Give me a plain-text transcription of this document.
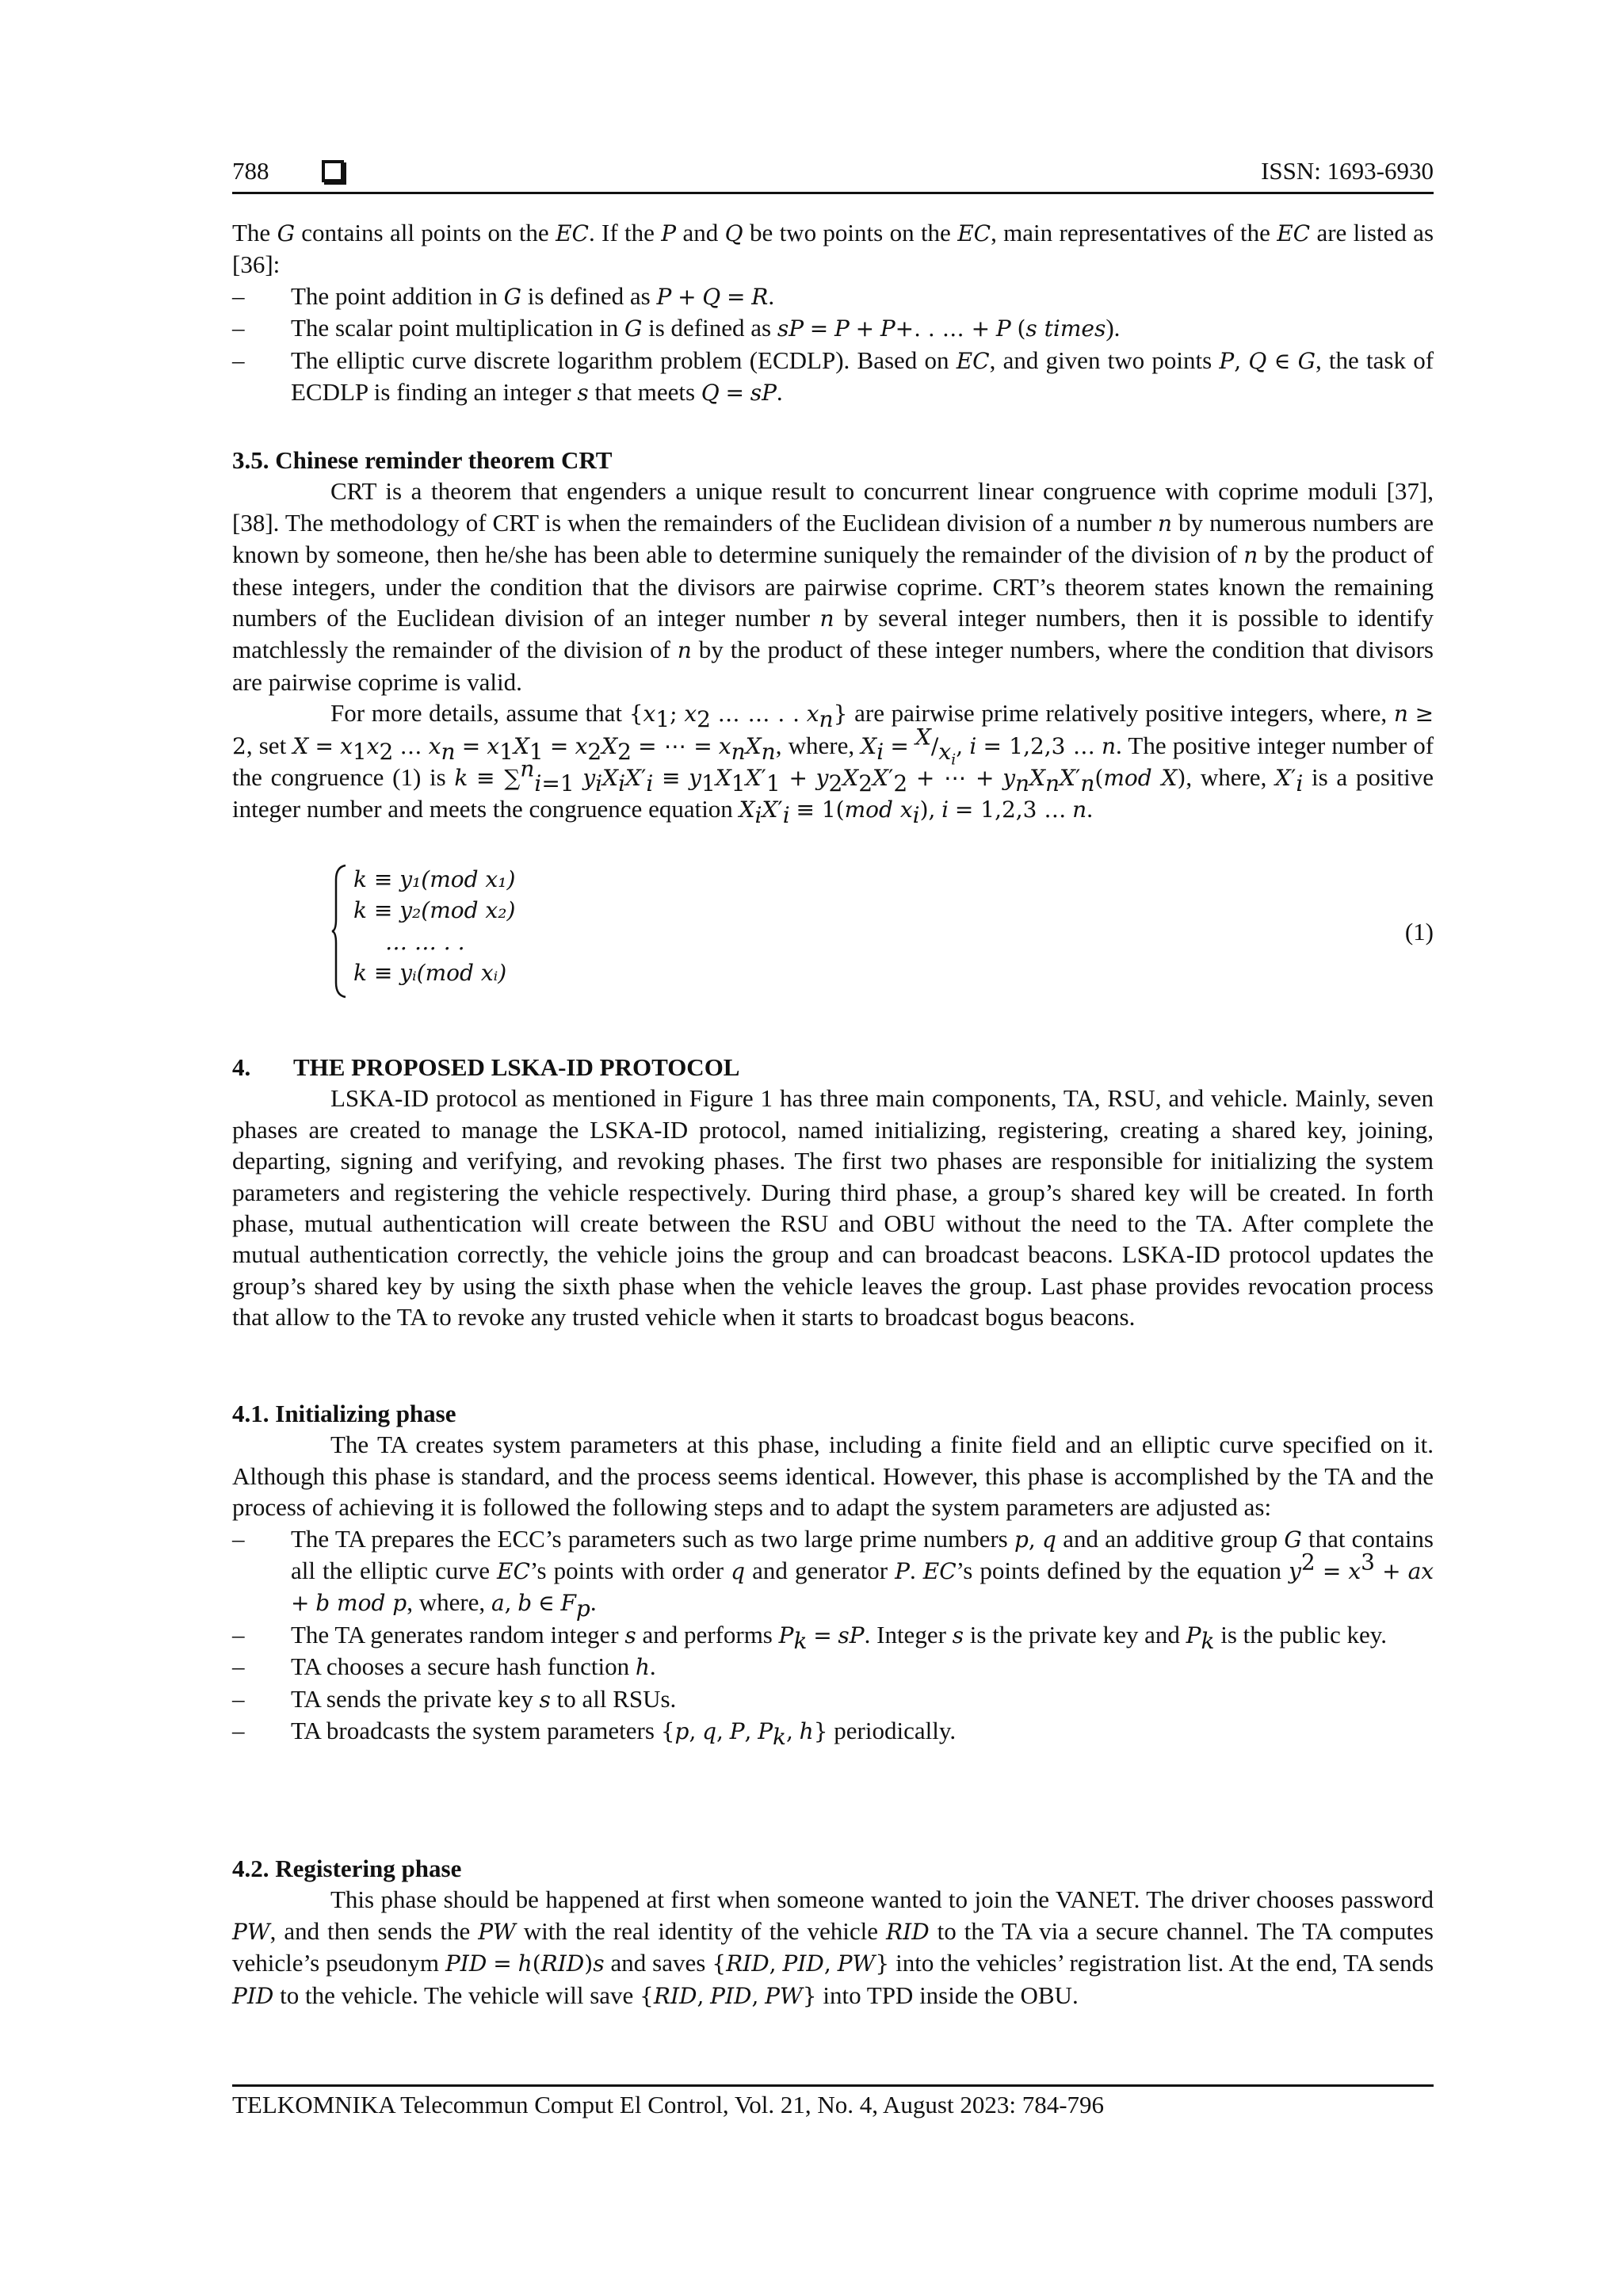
788	ISSN: 1693-6930

The G contains all points on the EC. If the P and Q be two points on the EC, main representatives of the EC are listed as [36]:

– The point addition in G is defined as P + Q = R.
– The scalar point multiplication in G is defined as sP = P + P+. . … + P (s times).
– The elliptic curve discrete logarithm problem (ECDLP). Based on EC, and given two points P, Q ∈ G, the task of ECDLP is finding an integer s that meets Q = sP.

3.5. Chinese reminder theorem CRT

CRT is a theorem that engenders a unique result to concurrent linear congruence with coprime moduli [37], [38]. The methodology of CRT is when the remainders of the Euclidean division of a number n by numerous numbers are known by someone, then he/she has been able to determine suniquely the remainder of the division of n by the product of these integers, under the condition that the divisors are pairwise coprime. CRT’s theorem states known the remaining numbers of the Euclidean division of an integer number n by several integer numbers, then it is possible to identify matchlessly the remainder of the division of n by the product of these integer numbers, where the condition that divisors are pairwise coprime is valid.

For more details, assume that {$x_1$; $x_2$ … … . . $x_n$} are pairwise prime relatively positive integers, where, n ≥ 2, set $X = x_1x_2$ … $x_n = x_1X_1 = x_2X_2$ = ⋯ = $x_nX_n$, where, $X_i = ^X/_{x_i}$, i = 1,2,3 … n. The positive integer number of the congruence (1) is k ≡ ∑$^n_{i=1}$ $y_iX_iX'_i \equiv y_1X_1X'_1 + y_2X_2X'_2$ + ⋯ + $y_nX_nX'_n(mod$ X), where, $X'_i$ is a positive integer number and meets the congruence equation $X_iX'_i \equiv 1(mod$ $x_i$), i = 1,2,3 … n.

k ≡ y₁(mod x₁)
k ≡ y₂(mod x₂)
… … . .
k ≡ yᵢ(mod xᵢ)
(1)

4.       THE PROPOSED LSKA-ID PROTOCOL

LSKA-ID protocol as mentioned in Figure 1 has three main components, TA, RSU, and vehicle. Mainly, seven phases are created to manage the LSKA-ID protocol, named initializing, registering, creating a shared key, joining, departing, signing and verifying, and revoking phases. The first two phases are responsible for initializing the system parameters and registering the vehicle respectively. During third phase, a group’s shared key will be created. In forth phase, mutual authentication will create between the RSU and OBU without the need to the TA. After complete the mutual authentication correctly, the vehicle joins the group and can broadcast beacons. LSKA-ID protocol updates the group’s shared key by using the sixth phase when the vehicle leaves the group. Last phase provides revocation process that allow to the TA to revoke any trusted vehicle when it starts to broadcast bogus beacons.

4.1. Initializing phase

The TA creates system parameters at this phase, including a finite field and an elliptic curve specified on it. Although this phase is standard, and the process seems identical. However, this phase is accomplished by the TA and the process of achieving it is followed the following steps and to adapt the system parameters are adjusted as:

– The TA prepares the ECC’s parameters such as two large prime numbers p, q and an additive group G that contains all the elliptic curve EC’s points with order q and generator P. EC’s points defined by the equation $y^2 = x^3$ + ax + b mod p, where, a, b ∈ $F_p$.
– The TA generates random integer s and performs $P_k$ = sP. Integer s is the private key and $P_k$ is the public key.
– TA chooses a secure hash function h.
– TA sends the private key s to all RSUs.
– TA broadcasts the system parameters {p, q, P, $P_k$, h} periodically.

4.2. Registering phase

This phase should be happened at first when someone wanted to join the VANET. The driver chooses password PW, and then sends the PW with the real identity of the vehicle RID to the TA via a secure channel. The TA computes vehicle’s pseudonym PID = h(RID)s and saves {RID, PID, PW} into the vehicles’ registration list. At the end, TA sends PID to the vehicle. The vehicle will save {RID, PID, PW} into TPD inside the OBU.

TELKOMNIKA Telecommun Comput El Control, Vol. 21, No. 4, August 2023: 784-796
